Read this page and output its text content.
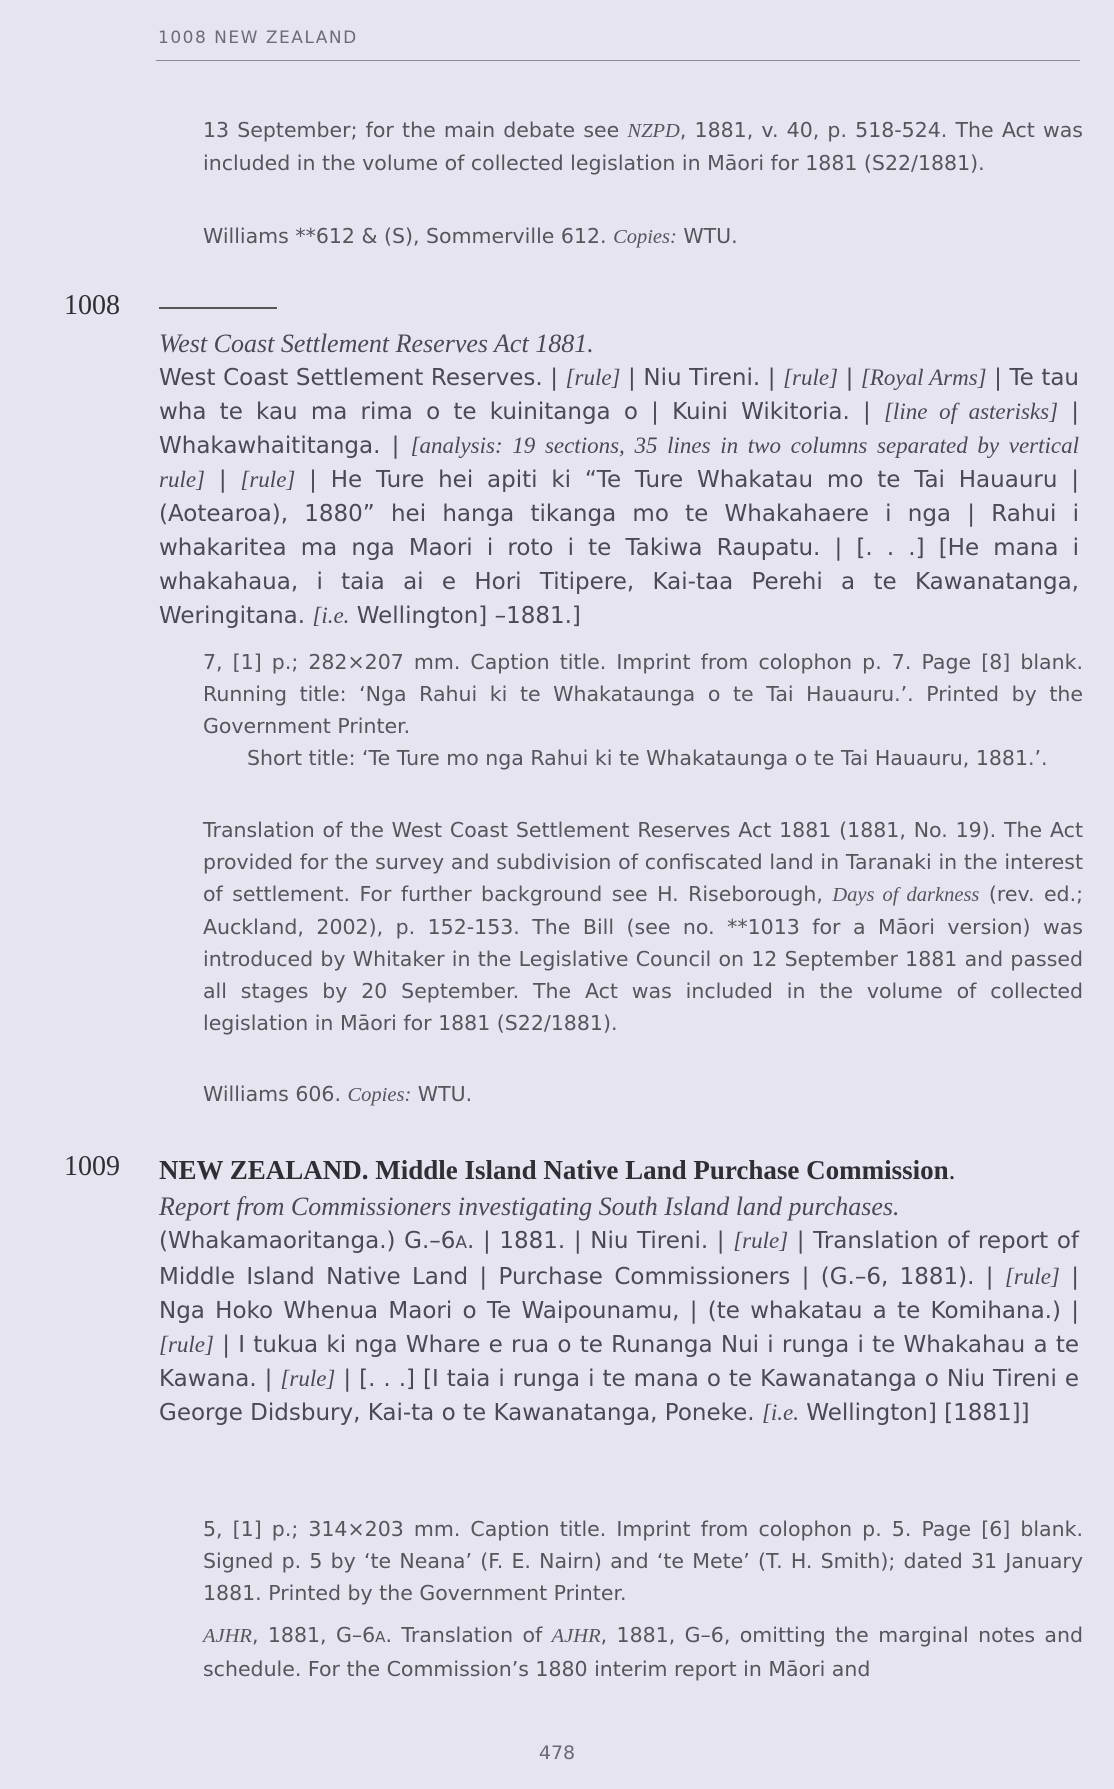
1008 NEW ZEALAND
13 September; for the main debate see NZPD, 1881, v. 40, p. 518-524. The Act was included in the volume of collected legislation in Māori for 1881 (S22/1881).
Williams **612 & (S), Sommerville 612. Copies: WTU.
1008
West Coast Settlement Reserves Act 1881.
West Coast Settlement Reserves. | [rule] | Niu Tireni. | [rule] | [Royal Arms] | Te tau wha te kau ma rima o te kuinitanga o | Kuini Wikitoria. | [line of asterisks] | Whakawhaititanga. | [analysis: 19 sections, 35 lines in two columns separated by vertical rule] | [rule] | He Ture hei apiti ki “Te Ture Whakatau mo te Tai Hauauru | (Aotearoa), 1880” hei hanga tikanga mo te Whakahaere i nga | Rahui i whakaritea ma nga Maori i roto i te Takiwa Raupatu. | [. . .] [He mana i whakahaua, i taia ai e Hori Titipere, Kai-taa Perehi a te Kawanatanga, Weringitana. [i.e. Wellington] –1881.]
7, [1] p.; 282×207 mm. Caption title. Imprint from colophon p. 7. Page [8] blank. Running title: ‘Nga Rahui ki te Whakataunga o te Tai Hauauru.’. Printed by the Government Printer.
Short title: ‘Te Ture mo nga Rahui ki te Whakataunga o te Tai Hauauru, 1881.’.
Translation of the West Coast Settlement Reserves Act 1881 (1881, No. 19). The Act provided for the survey and subdivision of confiscated land in Taranaki in the interest of settlement. For further background see H. Riseborough, Days of darkness (rev. ed.; Auckland, 2002), p. 152-153. The Bill (see no. **1013 for a Māori version) was introduced by Whitaker in the Legislative Council on 12 September 1881 and passed all stages by 20 September. The Act was included in the volume of collected legislation in Māori for 1881 (S22/1881).
Williams 606. Copies: WTU.
1009 NEW ZEALAND. Middle Island Native Land Purchase Commission.
Report from Commissioners investigating South Island land purchases.
(Whakamaoritanga.) G.–6A. | 1881. | Niu Tireni. | [rule] | Translation of report of Middle Island Native Land | Purchase Commissioners | (G.–6, 1881). | [rule] | Nga Hoko Whenua Maori o Te Waipounamu, | (te whakatau a te Komihana.) | [rule] | I tukua ki nga Whare e rua o te Runanga Nui i runga i te Whakahau a te Kawana. | [rule] | [. . .] [I taia i runga i te mana o te Kawanatanga o Niu Tireni e George Didsbury, Kai-ta o te Kawanatanga, Poneke. [i.e. Wellington] [1881]]
5, [1] p.; 314×203 mm. Caption title. Imprint from colophon p. 5. Page [6] blank. Signed p. 5 by ‘te Neana’ (F. E. Nairn) and ‘te Mete’ (T. H. Smith); dated 31 January 1881. Printed by the Government Printer.
AJHR, 1881, G–6A. Translation of AJHR, 1881, G–6, omitting the marginal notes and schedule. For the Commission’s 1880 interim report in Māori and
478
